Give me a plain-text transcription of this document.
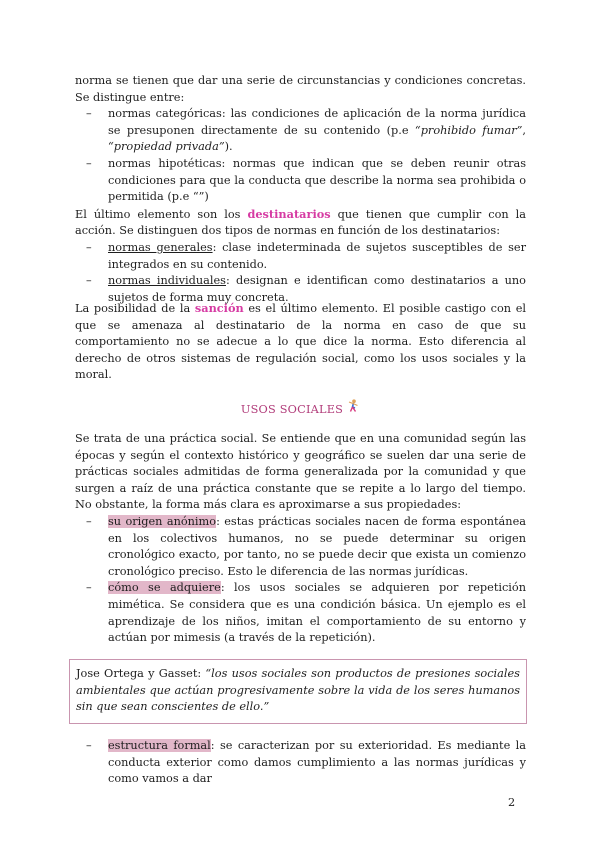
norma se tienen que dar una serie de circunstancias y condiciones concretas. Se distingue entre:

– normas categóricas: las condiciones de aplicación de la norma jurídica se presuponen directamente de su contenido (p.e “prohibido fumar”, “propiedad privada”).
– normas hipotéticas: normas que indican que se deben reunir otras condiciones para que la conducta que describe la norma sea prohibida o permitida (p.e “”)

El último elemento son los destinatarios que tienen que cumplir con la acción. Se distinguen dos tipos de normas en función de los destinatarios:

– normas generales: clase indeterminada de sujetos susceptibles de ser integrados en su contenido.
– normas individuales: designan e identifican como destinatarios a uno sujetos de forma muy concreta.

La posibilidad de la sanción es el último elemento. El posible castigo con el que se amenaza al destinatario de la norma en caso de que su comportamiento no se adecue a lo que dice la norma. Esto diferencia al derecho de otros sistemas de regulación social, como los usos sociales y la moral.

USOS SOCIALES

Se trata de una práctica social. Se entiende que en una comunidad según las épocas y según el contexto histórico y geográfico se suelen dar una serie de prácticas sociales admitidas de forma generalizada por la comunidad y que surgen a raíz de una práctica constante que se repite a lo largo del tiempo. No obstante, la forma más clara es aproximarse a sus propiedades:

– su origen anónimo: estas prácticas sociales nacen de forma espontánea en los colectivos humanos, no se puede determinar su origen cronológico exacto, por tanto, no se puede decir que exista un comienzo cronológico preciso. Esto le diferencia de las normas jurídicas.
– cómo se adquiere: los usos sociales se adquieren por repetición mimética. Se considera que es una condición básica. Un ejemplo es el aprendizaje de los niños, imitan el comportamiento de su entorno y actúan por mimesis (a través de la repetición).
Jose Ortega y Gasset: “los usos sociales son productos de presiones sociales ambientales que actúan progresivamente sobre la vida de los seres humanos sin que sean conscientes de ello.”
– estructura formal: se caracterizan por su exterioridad. Es mediante la conducta exterior como damos cumplimiento a las normas jurídicas y como vamos a dar
2
